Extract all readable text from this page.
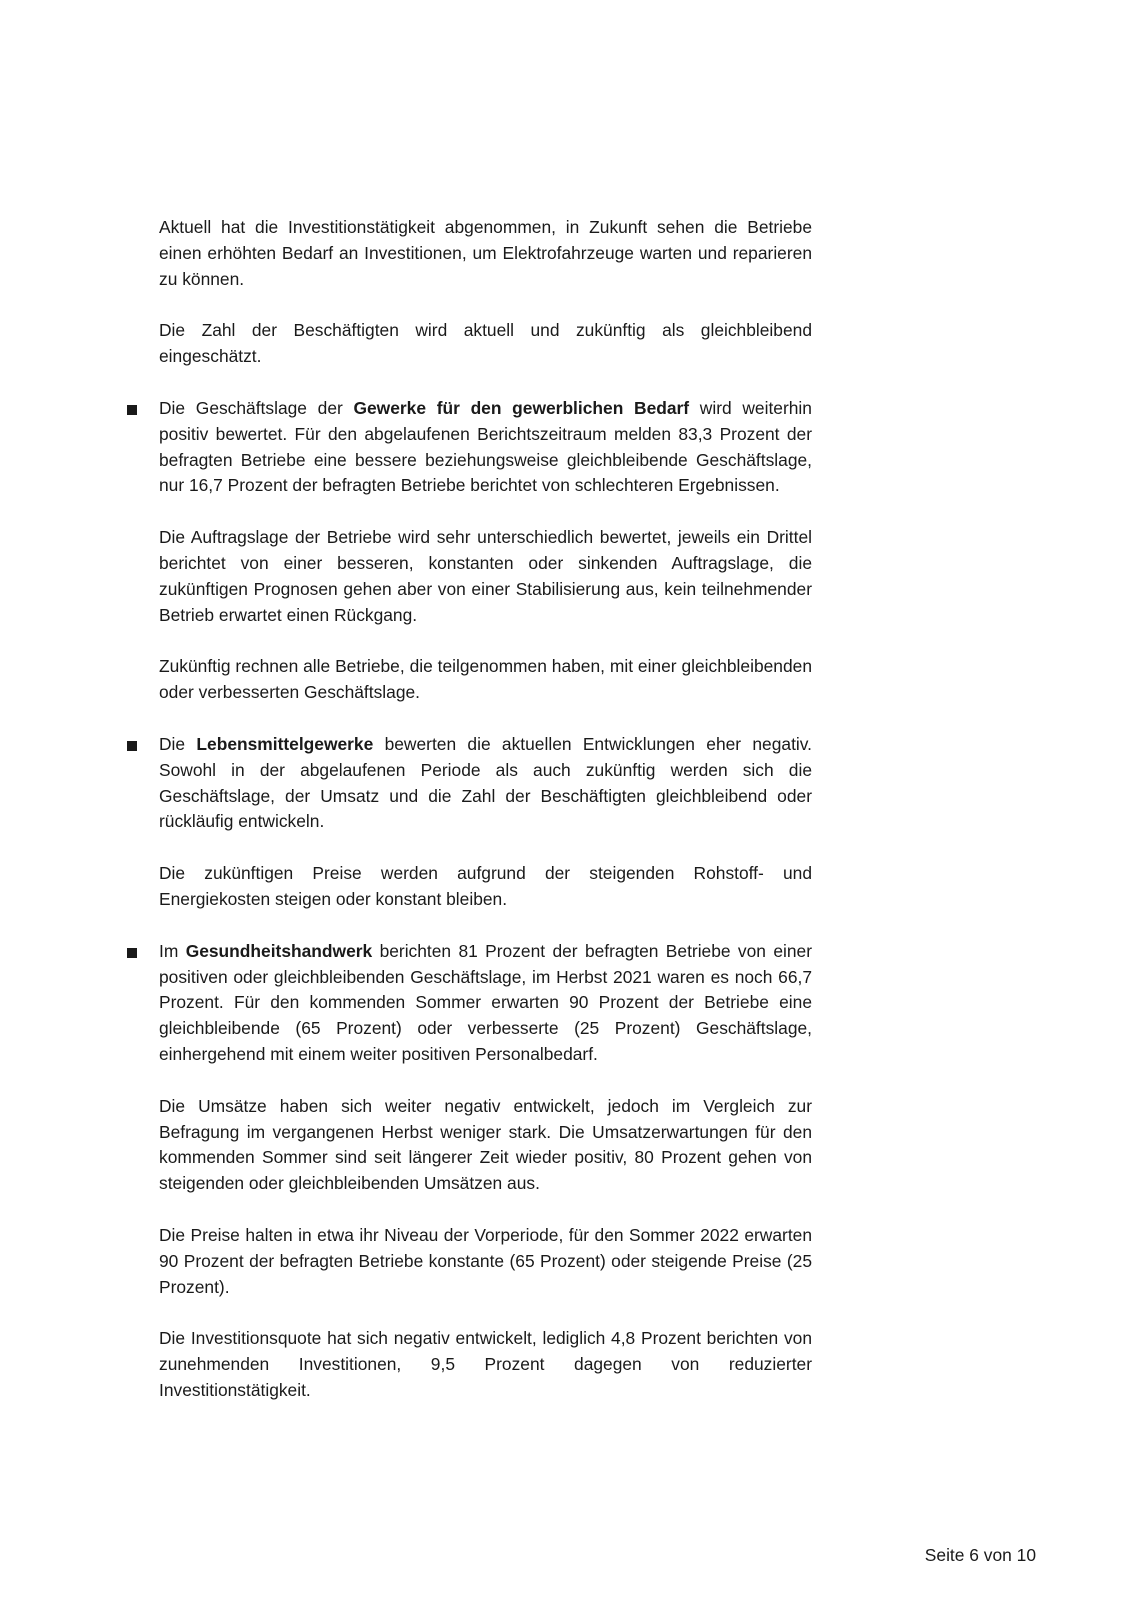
Aktuell hat die Investitionstätigkeit abgenommen, in Zukunft sehen die Betriebe einen erhöhten Bedarf an Investitionen, um Elektrofahrzeuge warten und reparieren zu können.

Die Zahl der Beschäftigten wird aktuell und zukünftig als gleichbleibend eingeschätzt.

Die Geschäftslage der Gewerke für den gewerblichen Bedarf wird weiterhin positiv bewertet. Für den abgelaufenen Berichtszeitraum melden 83,3 Prozent der befragten Betriebe eine bessere beziehungsweise gleichbleibende Geschäftslage, nur 16,7 Prozent der befragten Betriebe berichtet von schlechteren Ergebnissen.

Die Auftragslage der Betriebe wird sehr unterschiedlich bewertet, jeweils ein Drittel berichtet von einer besseren, konstanten oder sinkenden Auftragslage, die zukünftigen Prognosen gehen aber von einer Stabilisierung aus, kein teilnehmender Betrieb erwartet einen Rückgang.

Zukünftig rechnen alle Betriebe, die teilgenommen haben, mit einer gleichbleibenden oder verbesserten Geschäftslage.

Die Lebensmittelgewerke bewerten die aktuellen Entwicklungen eher negativ. Sowohl in der abgelaufenen Periode als auch zukünftig werden sich die Geschäftslage, der Umsatz und die Zahl der Beschäftigten gleichbleibend oder rückläufig entwickeln.

Die zukünftigen Preise werden aufgrund der steigenden Rohstoff- und Energiekosten steigen oder konstant bleiben.

Im Gesundheitshandwerk berichten 81 Prozent der befragten Betriebe von einer positiven oder gleichbleibenden Geschäftslage, im Herbst 2021 waren es noch 66,7 Prozent. Für den kommenden Sommer erwarten 90 Prozent der Betriebe eine gleichbleibende (65 Prozent) oder verbesserte (25 Prozent) Geschäftslage, einhergehend mit einem weiter positiven Personalbedarf.

Die Umsätze haben sich weiter negativ entwickelt, jedoch im Vergleich zur Befragung im vergangenen Herbst weniger stark. Die Umsatzerwartungen für den kommenden Sommer sind seit längerer Zeit wieder positiv, 80 Prozent gehen von steigenden oder gleichbleibenden Umsätzen aus.

Die Preise halten in etwa ihr Niveau der Vorperiode, für den Sommer 2022 erwarten 90 Prozent der befragten Betriebe konstante (65 Prozent) oder steigende Preise (25 Prozent).

Die Investitionsquote hat sich negativ entwickelt, lediglich 4,8 Prozent berichten von zunehmenden Investitionen, 9,5 Prozent dagegen von reduzierter Investitionstätigkeit.

Seite 6 von 10
